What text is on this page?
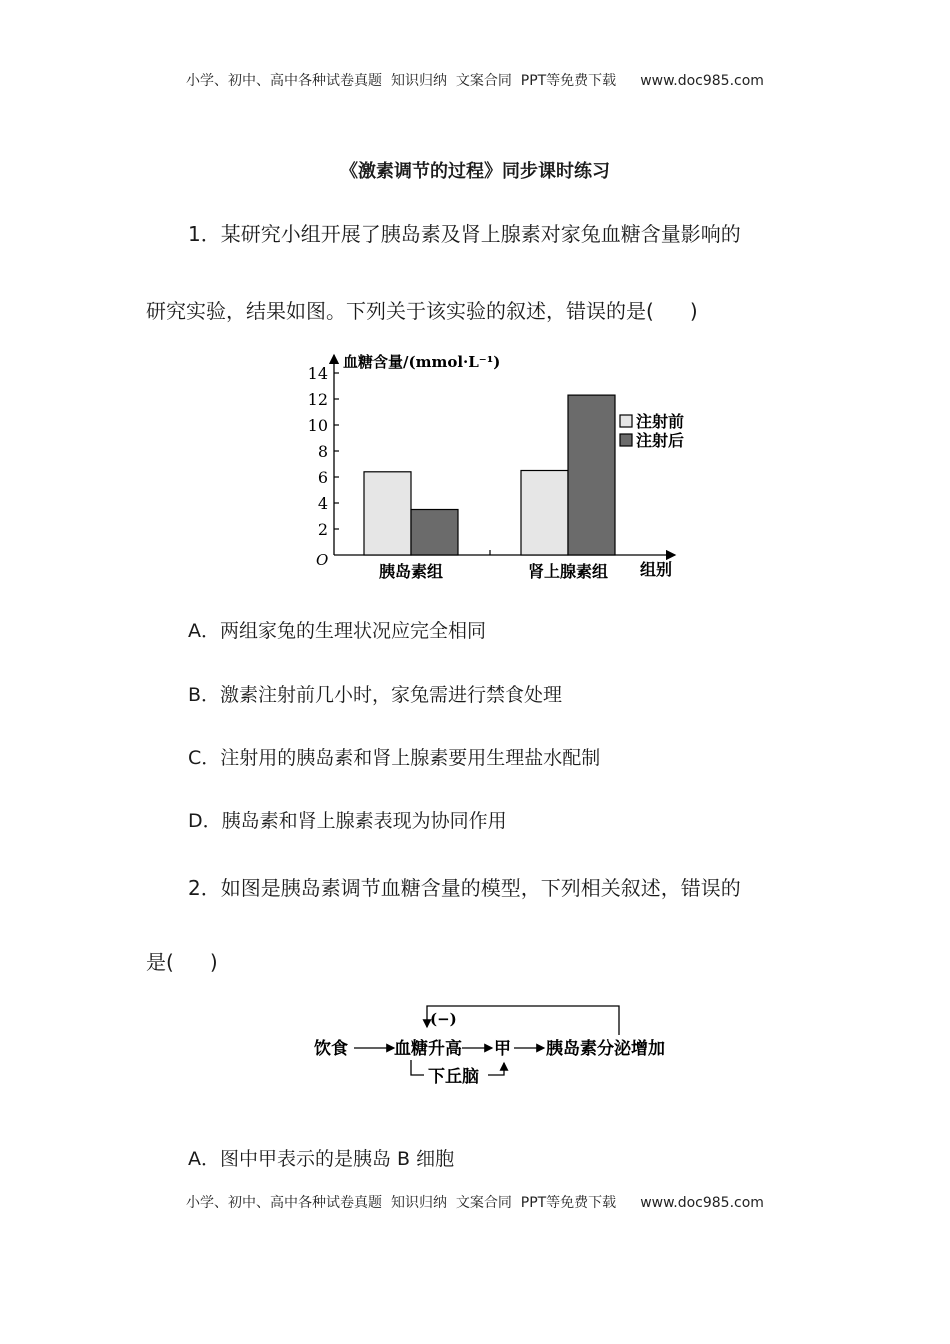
小学、初中、高中各种试卷真题  知识归纳  文案合同  PPT等免费下载 www.doc985.com
《激素调节的过程》同步课时练习
1．某研究小组开展了胰岛素及肾上腺素对家兔血糖含量影响的
研究实验，结果如图。下列关于该实验的叙述，错误的是( )
血糖含量/(mmol·L⁻¹)
O
2
4
6
8
10
12
14
组别
胰岛素组	肾上腺素组
注射前
注射后
A．两组家兔的生理状况应完全相同
B．激素注射前几小时，家兔需进行禁食处理
C．注射用的胰岛素和肾上腺素要用生理盐水配制
D．胰岛素和肾上腺素表现为协同作用
2．如图是胰岛素调节血糖含量的模型，下列相关叙述，错误的
是( )
(−)
饮食	血糖升高 甲 胰岛素分泌增加
下丘脑
A．图中甲表示的是胰岛 B 细胞
小学、初中、高中各种试卷真题  知识归纳  文案合同  PPT等免费下载 www.doc985.com
